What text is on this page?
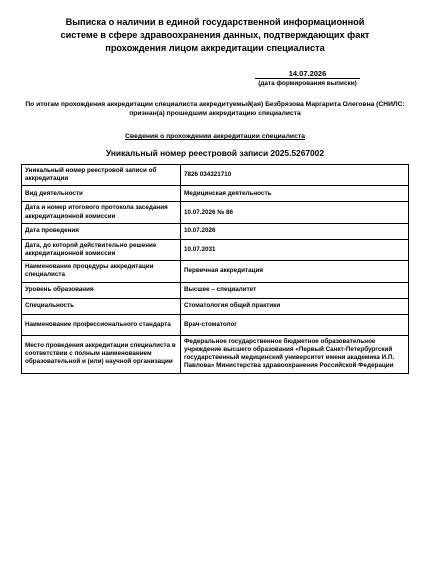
Выписка о наличии в единой государственной информационной
системе в сфере здравоохранения данных, подтверждающих факт
прохождения лицом аккредитации специалиста
14.07.2026
(дата формирования выписки)
По итогам прохождения аккредитации специалиста аккредитуемый(ая) Безбрязова Маргарита Олеговна (СНИЛС:
признан(а) прошедшим аккредитацию специалиста
Сведения о прохождении аккредитации специалиста
Уникальный номер реестровой записи 2025.5267002
Уникальный номер реестровой записи об аккредитации	7826 034321710
Вид деятельности	Медицинская деятельность
Дата и номер итогового протокола заседания аккредитационной комиссии	10.07.2026 № 86
Дата проведения	10.07.2026
Дата, до которой действительно решение аккредитационной комиссии	10.07.2031
Наименование процедуры аккредитации специалиста	Первичная аккредитация
Уровень образования	Высшее – специалитет
Специальность	Стоматология общей практики
Наименование профессионального стандарта	Врач-стоматолог
Место проведения аккредитации специалиста в соответствии с полным наименованием образовательной и (или) научной организации	Федеральное государственное бюджетное образовательное учреждение высшего образования «Первый Санкт-Петербургский государственный медицинский университет имени академика И.П. Павлова» Министерства здравоохранения Российской Федерации
